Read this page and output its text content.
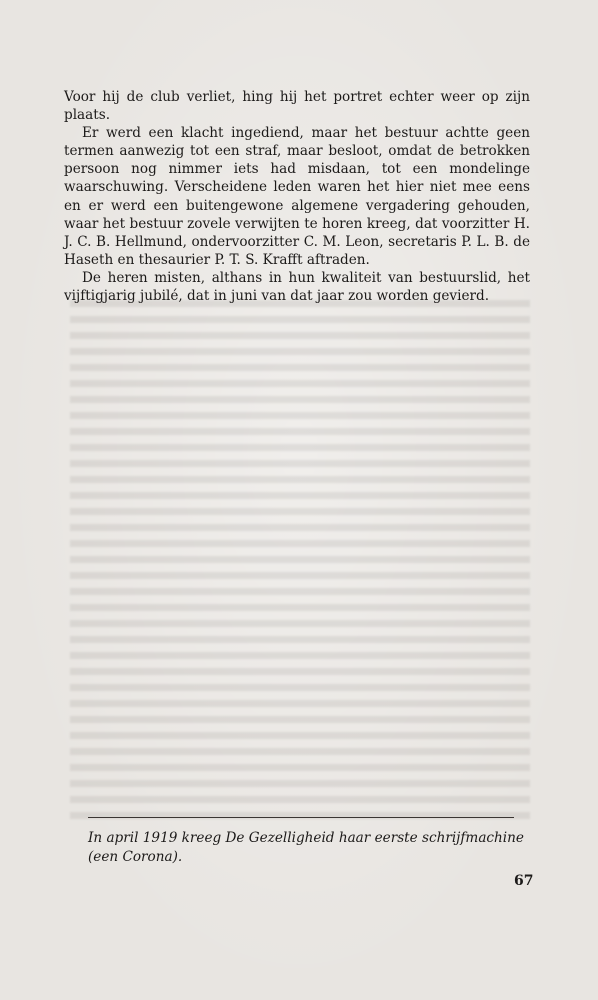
Voor hij de club verliet, hing hij het portret echter weer op zijn plaats.

Er werd een klacht ingediend, maar het bestuur achtte geen termen aanwezig tot een straf, maar besloot, omdat de betrokken persoon nog nimmer iets had misdaan, tot een mondelinge waarschuwing. Verscheidene leden waren het hier niet mee eens en er werd een buitengewone algemene vergadering gehouden, waar het bestuur zovele verwijten te horen kreeg, dat voorzitter H. J. C. B. Hellmund, ondervoorzitter C. M. Leon, secretaris P. L. B. de Haseth en thesaurier P. T. S. Krafft aftraden.

De heren misten, althans in hun kwaliteit van bestuurslid, het vijftigjarig jubilé, dat in juni van dat jaar zou worden gevierd.

In april 1919 kreeg De Gezelligheid haar eerste schrijfmachine (een Corona).
67
